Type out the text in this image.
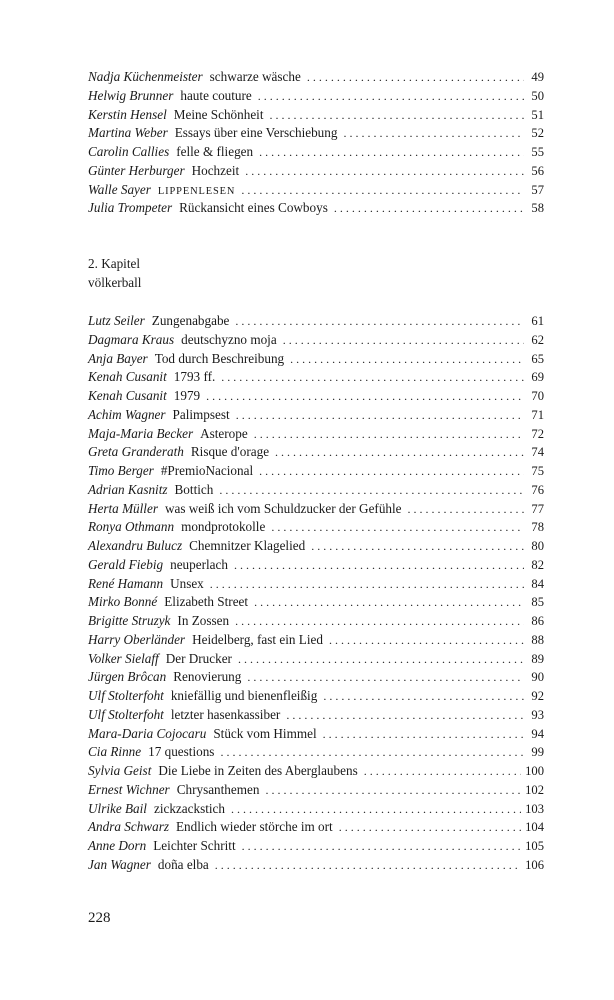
Nadja Küchenmeister schwarze wäsche . . .	49
Helwig Brunner haute couture . . .	50
Kerstin Hensel Meine Schönheit . . .	51
Martina Weber Essays über eine Verschiebung . . .	52
Carolin Callies felle & fliegen . . .	55
Günter Herburger Hochzeit . . .	56
Walle Sayer LIPPENLESEN . . .	57
Julia Trompeter Rückansicht eines Cowboys . . .	58
2. Kapitel
völkerball
Lutz Seiler Zungenabgabe . . .	61
Dagmara Kraus deutschyzno moja . . .	62
Anja Bayer Tod durch Beschreibung . . .	65
Kenah Cusanit 1793 ff. . . .	69
Kenah Cusanit 1979 . . .	70
Achim Wagner Palimpsest . . .	71
Maja-Maria Becker Asterope . . .	72
Greta Granderath Risque d'orage . . .	74
Timo Berger #PremioNacional . . .	75
Adrian Kasnitz Bottich . . .	76
Herta Müller was weiß ich vom Schuldzucker der Gefühle . . .	77
Ronya Othmann mondprotokolle . . .	78
Alexandru Bulucz Chemnitzer Klagelied . . .	80
Gerald Fiebig neuperlach . . .	82
René Hamann Unsex . . .	84
Mirko Bonné Elizabeth Street . . .	85
Brigitte Struzyk In Zossen . . .	86
Harry Oberländer Heidelberg, fast ein Lied . . .	88
Volker Sielaff Der Drucker . . .	89
Jürgen Brôcan Renovierung . . .	90
Ulf Stolterfoht kniefällig und bienenfleißig . . .	92
Ulf Stolterfoht letzter hasenkassiber . . .	93
Mara-Daria Cojocaru Stück vom Himmel . . .	94
Cia Rinne 17 questions . . .	99
Sylvia Geist Die Liebe in Zeiten des Aberglaubens . . .	100
Ernest Wichner Chrysanthemen . . .	102
Ulrike Bail zickzackstich . . .	103
Andra Schwarz Endlich wieder störche im ort . . .	104
Anne Dorn Leichter Schritt . . .	105
Jan Wagner doña elba . . .	106
228
